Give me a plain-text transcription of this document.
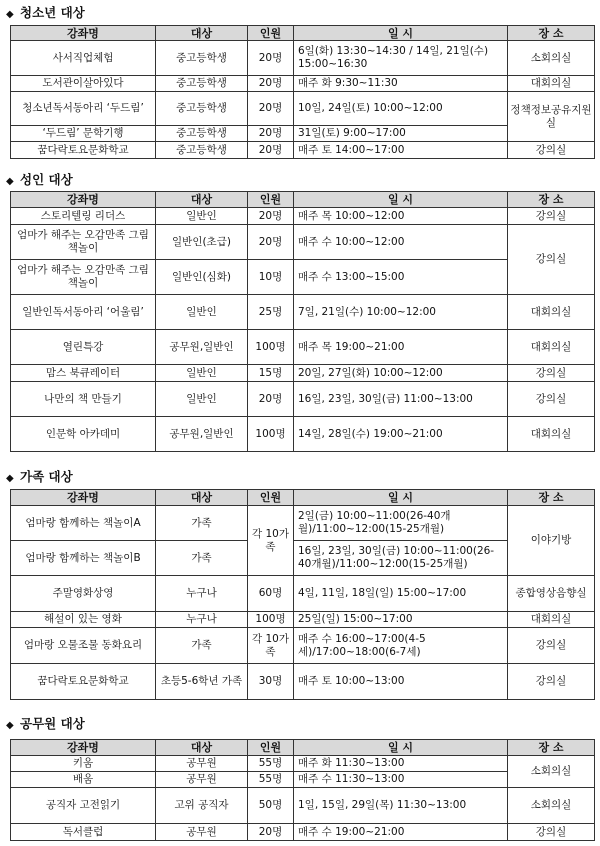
◆ 청소년 대상
강좌명	대상	인원	일 시	장 소
사서직업체험	중고등학생	20명	6일(화) 13:30~14:30 / 14일, 21일(수) 15:00~16:30	소회의실
도서관이살아있다	중고등학생	20명	매주 화 9:30~11:30	대회의실
청소년독서동아리 ‘두드림’	중고등학생	20명	10일, 24일(토) 10:00~12:00	정책정보공유지원실
‘두드림’ 문학기행	중고등학생	20명	31일(토) 9:00~17:00	
꿈다락토요문화학교	중고등학생	20명	매주 토 14:00~17:00	강의실
◆ 성인 대상
강좌명	대상	인원	일 시	장 소
스토리텔링 리더스	일반인	20명	매주 목 10:00~12:00	강의실
엄마가 해주는 오감만족 그림책놀이	일반인(초급)	20명	매주 수 10:00~12:00	강의실
엄마가 해주는 오감만족 그림책놀이	일반인(심화)	10명	매주 수 13:00~15:00	
일반인독서동아리 ‘어울림’	일반인	25명	7일, 21일(수) 10:00~12:00	대회의실
열린특강	공무원,일반인	100명	매주 목 19:00~21:00	대회의실
맘스 북큐레이터	일반인	15명	20일, 27일(화) 10:00~12:00	강의실
나만의 책 만들기	일반인	20명	16일, 23일, 30일(금) 11:00~13:00	강의실
인문학 아카데미	공무원,일반인	100명	14일, 28일(수) 19:00~21:00	대회의실
◆ 가족 대상
강좌명	대상	인원	일 시	장 소
엄마랑 함께하는 책놀이A	가족	각 10가족	2일(금) 10:00~11:00(26-40개월)/11:00~12:00(15-25개월)	이야기방
엄마랑 함께하는 책놀이B	가족		16일, 23일, 30일(금) 10:00~11:00(26-40개월)/11:00~12:00(15-25개월)	
주말영화상영	누구나	60명	4일, 11일, 18일(일) 15:00~17:00	종합영상음향실
해설이 있는 영화	누구나	100명	25일(일) 15:00~17:00	대회의실
엄마랑 오물조물 동화요리	가족	각 10가족	매주 수 16:00~17:00(4-5세)/17:00~18:00(6-7세)	강의실
꿈다락토요문화학교	초등5-6학년 가족	30명	매주 토 10:00~13:00	강의실
◆ 공무원 대상
강좌명	대상	인원	일 시	장 소
키움	공무원	55명	매주 화 11:30~13:00	소회의실
배움	공무원	55명	매주 수 11:30~13:00	
공직자 고전읽기	고위 공직자	50명	1일, 15일, 29일(목) 11:30~13:00	소회의실
독서클럽	공무원	20명	매주 수 19:00~21:00	강의실
